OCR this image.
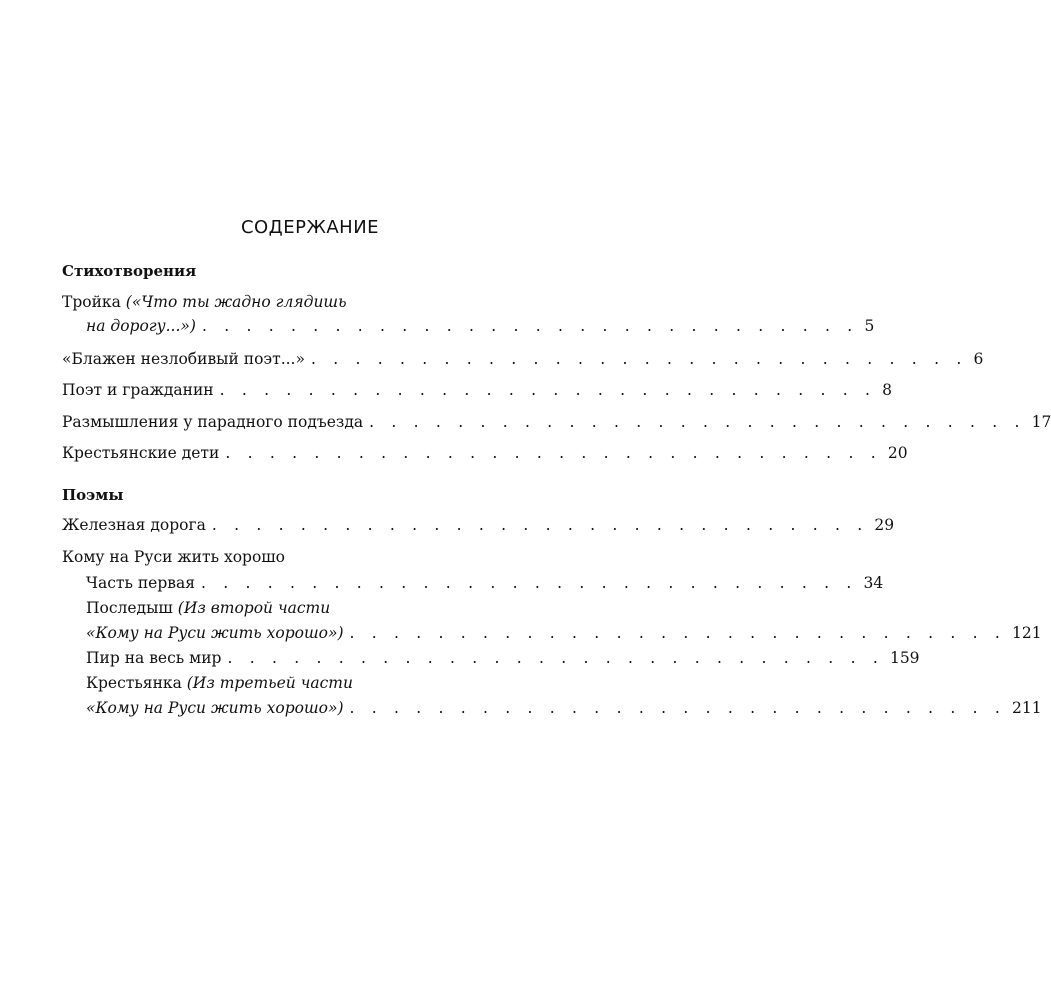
СОДЕРЖАНИЕ
Стихотворения
Тройка («Что ты жадно глядишь
на дорогу...») . . . . . . . . . . . . . . . . . . . . . . . . . . . . . . 5
«Блажен незлобивый поэт...» . . . . . . . . . . . . . . . . . . . . . . . . . . . . . . 6
Поэт и гражданин . . . . . . . . . . . . . . . . . . . . . . . . . . . . . . 8
Размышления у парадного подъезда . . . . . . . . . . . . . . . . . . . . . . . . . . . . . . 17
Крестьянские дети . . . . . . . . . . . . . . . . . . . . . . . . . . . . . . 20
Поэмы
Железная дорога . . . . . . . . . . . . . . . . . . . . . . . . . . . . . . 29
Кому на Руси жить хорошо
Часть первая . . . . . . . . . . . . . . . . . . . . . . . . . . . . . . 34
Последыш (Из второй части
«Кому на Руси жить хорошо») . . . . . . . . . . . . . . . . . . . . . . . . . . . . . . 121
Пир на весь мир . . . . . . . . . . . . . . . . . . . . . . . . . . . . . . 159
Крестьянка (Из третьей части
«Кому на Руси жить хорошо») . . . . . . . . . . . . . . . . . . . . . . . . . . . . . . 211
